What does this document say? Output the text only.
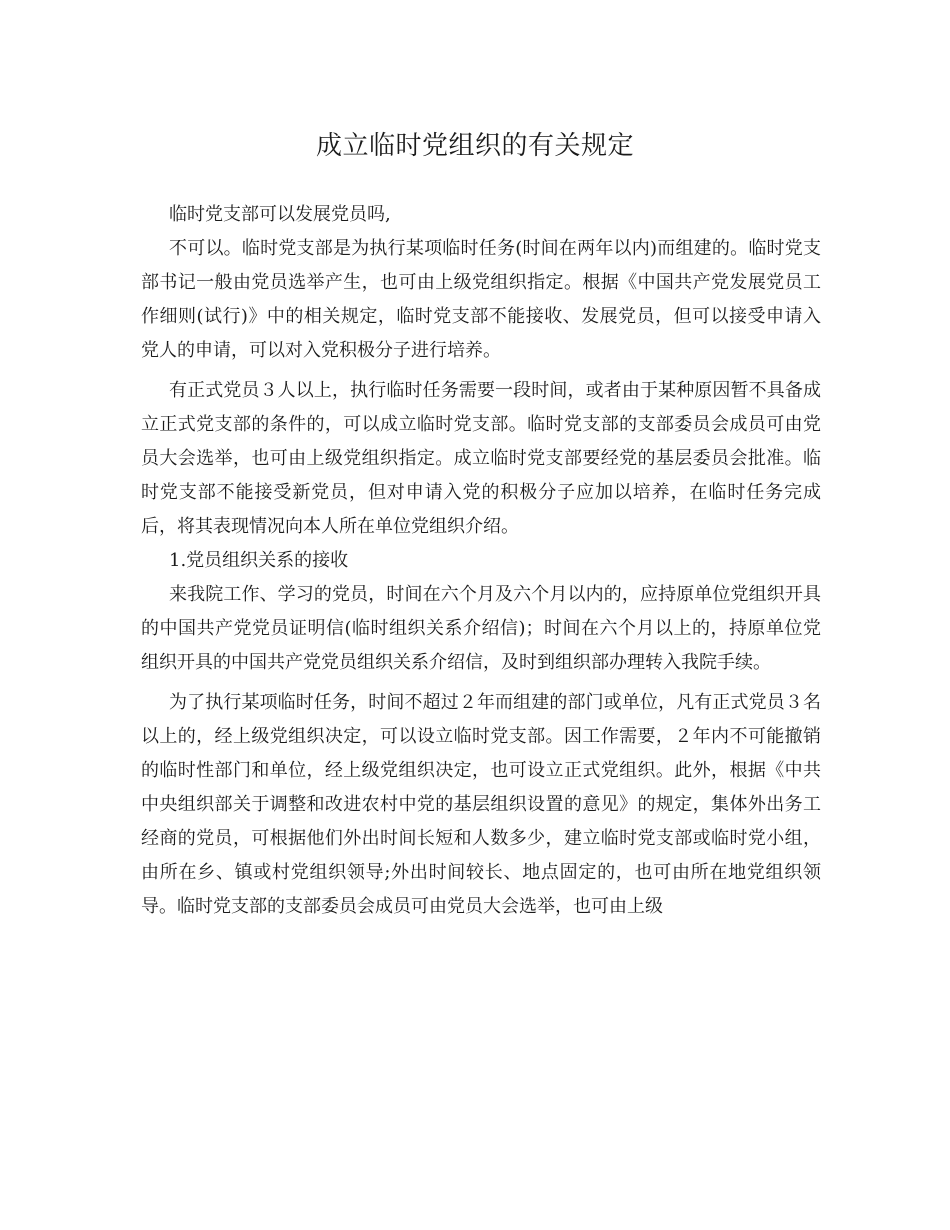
成立临时党组织的有关规定

临时党支部可以发展党员吗,

不可以。临时党支部是为执行某项临时任务(时间在两年以内)而组建的。临时党支部书记一般由党员选举产生，也可由上级党组织指定。根据《中国共产党发展党员工作细则(试行)》中的相关规定，临时党支部不能接收、发展党员，但可以接受申请入党人的申请，可以对入党积极分子进行培养。

有正式党员３人以上，执行临时任务需要一段时间，或者由于某种原因暂不具备成立正式党支部的条件的，可以成立临时党支部。临时党支部的支部委员会成员可由党员大会选举，也可由上级党组织指定。成立临时党支部要经党的基层委员会批准。临时党支部不能接受新党员，但对申请入党的积极分子应加以培养，在临时任务完成后，将其表现情况向本人所在单位党组织介绍。

1.党员组织关系的接收

来我院工作、学习的党员，时间在六个月及六个月以内的，应持原单位党组织开具的中国共产党党员证明信(临时组织关系介绍信)；时间在六个月以上的，持原单位党组织开具的中国共产党党员组织关系介绍信，及时到组织部办理转入我院手续。

为了执行某项临时任务，时间不超过２年而组建的部门或单位，凡有正式党员３名以上的，经上级党组织决定，可以设立临时党支部。因工作需要，２年内不可能撤销的临时性部门和单位，经上级党组织决定，也可设立正式党组织。此外，根据《中共中央组织部关于调整和改进农村中党的基层组织设置的意见》的规定，集体外出务工经商的党员，可根据他们外出时间长短和人数多少，建立临时党支部或临时党小组，由所在乡、镇或村党组织领导;外出时间较长、地点固定的，也可由所在地党组织领导。临时党支部的支部委员会成员可由党员大会选举，也可由上级
